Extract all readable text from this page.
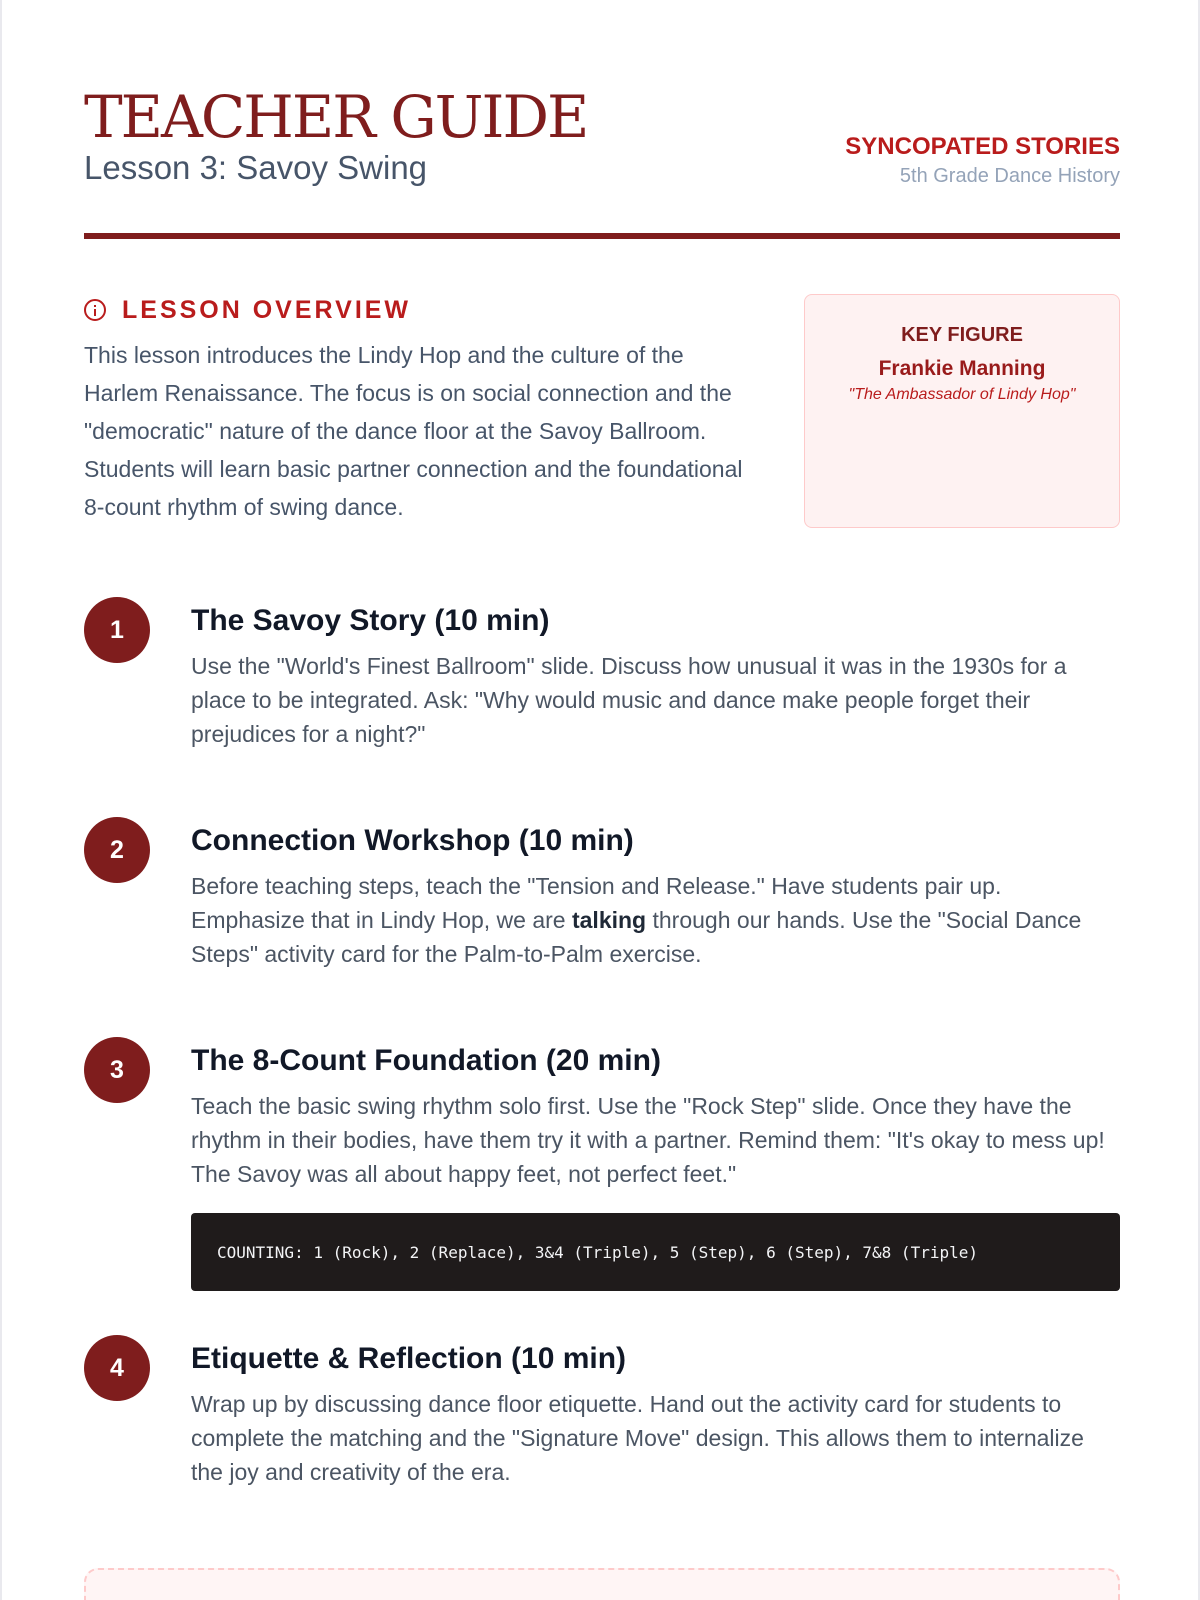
TEACHER GUIDE
Lesson 3: Savoy Swing
SYNCOPATED STORIES
5th Grade Dance History
LESSON OVERVIEW
This lesson introduces the Lindy Hop and the culture of the Harlem Renaissance. The focus is on social connection and the "democratic" nature of the dance floor at the Savoy Ballroom. Students will learn basic partner connection and the foundational 8-count rhythm of swing dance.
KEY FIGURE
Frankie Manning
"The Ambassador of Lindy Hop"
1	The Savoy Story (10 min)
Use the "World's Finest Ballroom" slide. Discuss how unusual it was in the 1930s for a place to be integrated. Ask: "Why would music and dance make people forget their prejudices for a night?"
2	Connection Workshop (10 min)
Before teaching steps, teach the "Tension and Release." Have students pair up. Emphasize that in Lindy Hop, we are talking through our hands. Use the "Social Dance Steps" activity card for the Palm-to-Palm exercise.
3	The 8-Count Foundation (20 min)
Teach the basic swing rhythm solo first. Use the "Rock Step" slide. Once they have the rhythm in their bodies, have them try it with a partner. Remind them: "It's okay to mess up! The Savoy was all about happy feet, not perfect feet."
COUNTING: 1 (Rock), 2 (Replace), 3&4 (Triple), 5 (Step), 6 (Step), 7&8 (Triple)
4	Etiquette & Reflection (10 min)
Wrap up by discussing dance floor etiquette. Hand out the activity card for students to complete the matching and the "Signature Move" design. This allows them to internalize the joy and creativity of the era.
